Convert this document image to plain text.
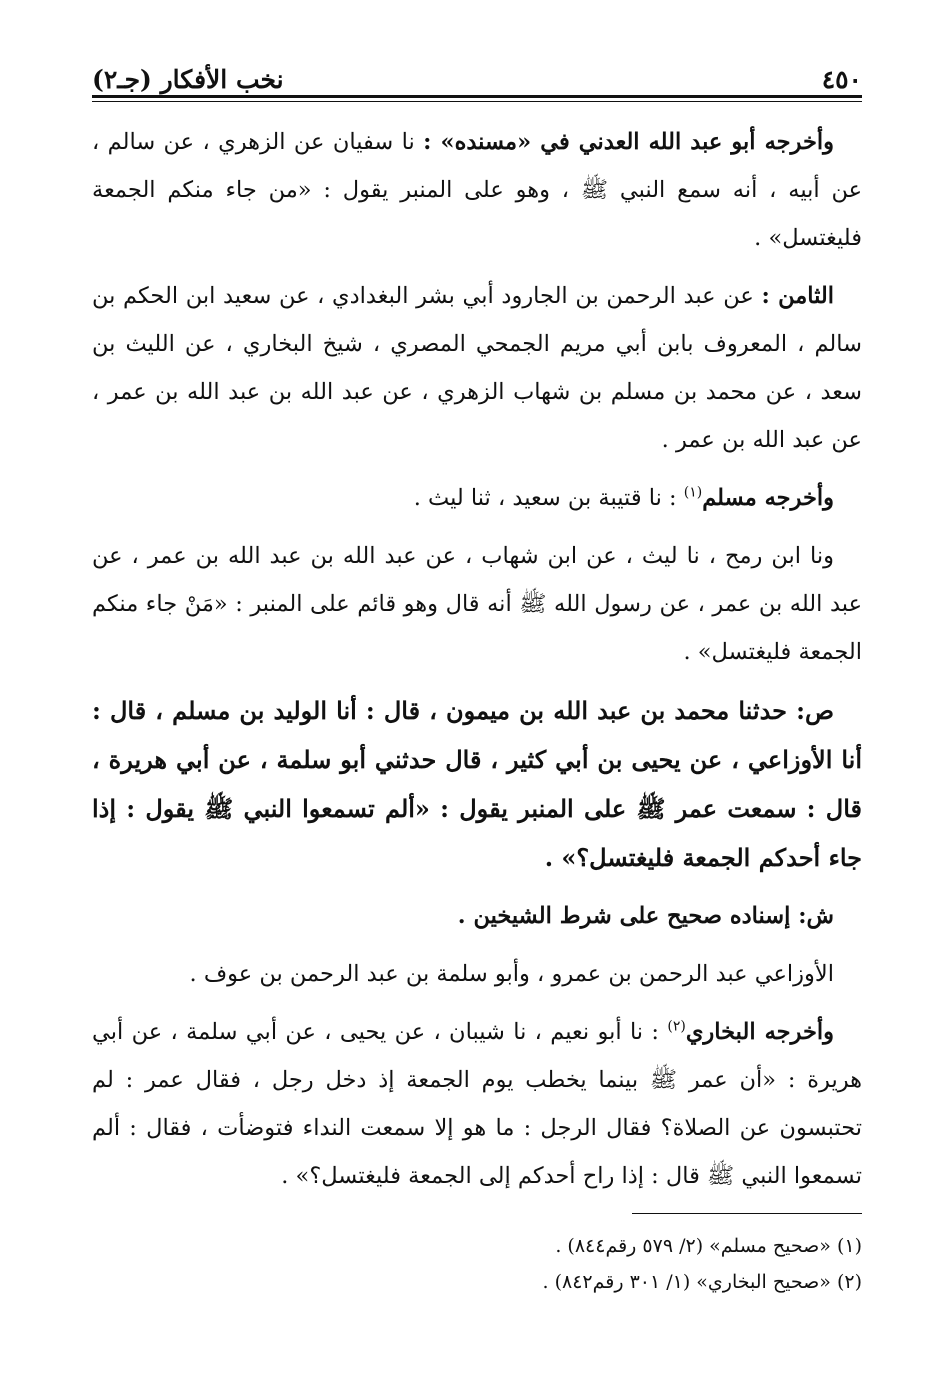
٤٥٠
نخب الأفكار (جـ٢)

وأخرجه أبو عبد الله العدني في «مسنده» : نا سفيان عن الزهري ، عن سالم ، عن أبيه ، أنه سمع النبي ﷺ ، وهو على المنبر يقول : «من جاء منكم الجمعة فليغتسل» .

الثامن : عن عبد الرحمن بن الجارود أبي بشر البغدادي ، عن سعيد ابن الحكم بن سالم ، المعروف بابن أبي مريم الجمحي المصري ، شيخ البخاري ، عن الليث بن سعد ، عن محمد بن مسلم بن شهاب الزهري ، عن عبد الله بن عبد الله بن عمر ، عن عبد الله بن عمر .

وأخرجه مسلم$^{(١)}$ : نا قتيبة بن سعيد ، ثنا ليث .

ونا ابن رمح ، نا ليث ، عن ابن شهاب ، عن عبد الله بن عبد الله بن عمر ، عن عبد الله بن عمر ، عن رسول الله ﷺ أنه قال وهو قائم على المنبر : «مَنْ جاء منكم الجمعة فليغتسل» .

ص: حدثنا محمد بن عبد الله بن ميمون ، قال : أنا الوليد بن مسلم ، قال : أنا الأوزاعي ، عن يحيى بن أبي كثير ، قال حدثني أبو سلمة ، عن أبي هريرة ، قال : سمعت عمر ﷺ على المنبر يقول : «ألم تسمعوا النبي ﷺ يقول : إذا جاء أحدكم الجمعة فليغتسل؟» .

ش: إسناده صحيح على شرط الشيخين .

الأوزاعي عبد الرحمن بن عمرو ، وأبو سلمة بن عبد الرحمن بن عوف .

وأخرجه البخاري$^{(٢)}$ : نا أبو نعيم ، نا شيبان ، عن يحيى ، عن أبي سلمة ، عن أبي هريرة : «أن عمر ﷺ بينما يخطب يوم الجمعة إذ دخل رجل ، فقال عمر : لم تحتبسون عن الصلاة؟ فقال الرجل : ما هو إلا سمعت النداء فتوضأت ، فقال : ألم تسمعوا النبي ﷺ قال : إذا راح أحدكم إلى الجمعة فليغتسل؟» .

(١) «صحيح مسلم» (٢/ ٥٧٩ رقم٨٤٤) .

(٢) «صحيح البخاري» (١/ ٣٠١ رقم٨٤٢) .
